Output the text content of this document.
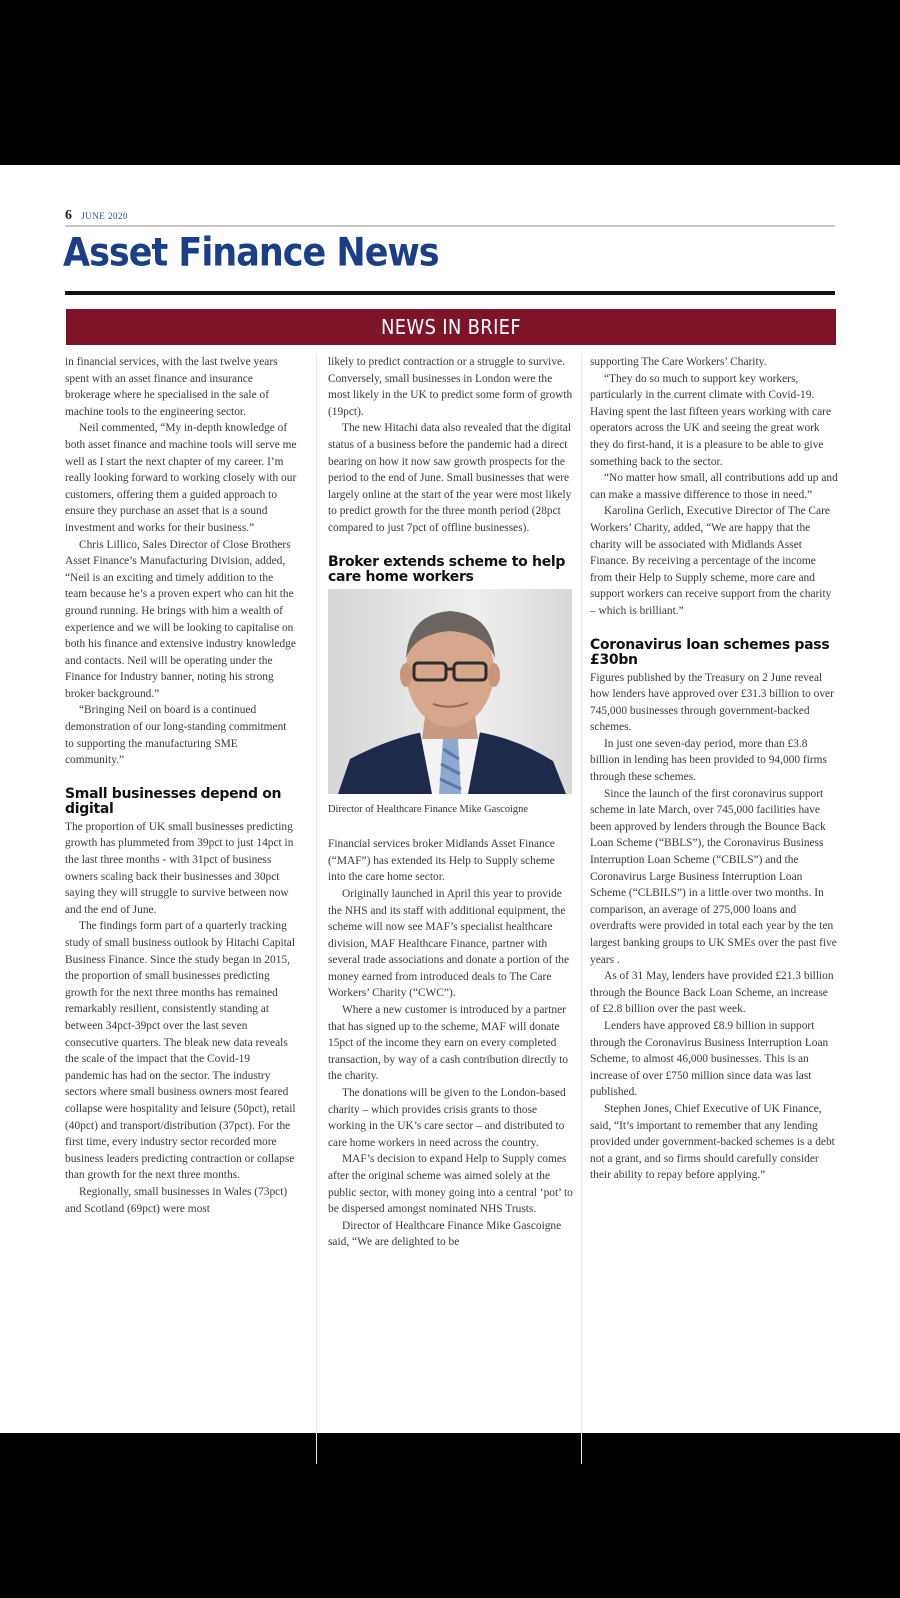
6 JUNE 2020
Asset Finance News
NEWS IN BRIEF

in financial services, with the last twelve years spent with an asset finance and insurance brokerage where he specialised in the sale of machine tools to the engineering sector.

Neil commented, “My in-depth knowledge of both asset finance and machine tools will serve me well as I start the next chapter of my career. I’m really looking forward to working closely with our customers, offering them a guided approach to ensure they purchase an asset that is a sound investment and works for their business.”

Chris Lillico, Sales Director of Close Brothers Asset Finance’s Manufacturing Division, added, “Neil is an exciting and timely addition to the team because he’s a proven expert who can hit the ground running. He brings with him a wealth of experience and we will be looking to capitalise on both his finance and extensive industry knowledge and contacts. Neil will be operating under the Finance for Industry banner, noting his strong broker background.”

“Bringing Neil on board is a continued demonstration of our long-standing commitment to supporting the manufacturing SME community.”

Small businesses depend on digital

The proportion of UK small businesses predicting growth has plummeted from 39pct to just 14pct in the last three months - with 31pct of business owners scaling back their businesses and 30pct saying they will struggle to survive between now and the end of June.

The findings form part of a quarterly tracking study of small business outlook by Hitachi Capital Business Finance. Since the study began in 2015, the proportion of small businesses predicting growth for the next three months has remained remarkably resilient, consistently standing at between 34pct-39pct over the last seven consecutive quarters. The bleak new data reveals the scale of the impact that the Covid-19 pandemic has had on the sector. The industry sectors where small business owners most feared collapse were hospitality and leisure (50pct), retail (40pct) and transport/distribution (37pct). For the first time, every industry sector recorded more business leaders predicting contraction or collapse than growth for the next three months.

Regionally, small businesses in Wales (73pct) and Scotland (69pct) were most

likely to predict contraction or a struggle to survive. Conversely, small businesses in London were the most likely in the UK to predict some form of growth (19pct).

The new Hitachi data also revealed that the digital status of a business before the pandemic had a direct bearing on how it now saw growth prospects for the period to the end of June. Small businesses that were largely online at the start of the year were most likely to predict growth for the three month period (28pct compared to just 7pct of offline businesses).

Broker extends scheme to help care home workers
Director of Healthcare Finance Mike Gascoigne

Financial services broker Midlands Asset Finance (“MAF”) has extended its Help to Supply scheme into the care home sector.

Originally launched in April this year to provide the NHS and its staff with additional equipment, the scheme will now see MAF’s specialist healthcare division, MAF Healthcare Finance, partner with several trade associations and donate a portion of the money earned from introduced deals to The Care Workers’ Charity (“CWC”).

Where a new customer is introduced by a partner that has signed up to the scheme, MAF will donate 15pct of the income they earn on every completed transaction, by way of a cash contribution directly to the charity.

The donations will be given to the London-based charity – which provides crisis grants to those working in the UK’s care sector – and distributed to care home workers in need across the country.

MAF’s decision to expand Help to Supply comes after the original scheme was aimed solely at the public sector, with money going into a central ‘pot’ to be dispersed amongst nominated NHS Trusts.

Director of Healthcare Finance Mike Gascoigne said, “We are delighted to be

supporting The Care Workers’ Charity.

“They do so much to support key workers, particularly in the current climate with Covid-19. Having spent the last fifteen years working with care operators across the UK and seeing the great work they do first-hand, it is a pleasure to be able to give something back to the sector.

“No matter how small, all contributions add up and can make a massive difference to those in need.”

Karolina Gerlich, Executive Director of The Care Workers’ Charity, added, “We are happy that the charity will be associated with Midlands Asset Finance. By receiving a percentage of the income from their Help to Supply scheme, more care and support workers can receive support from the charity – which is brilliant.”

Coronavirus loan schemes pass £30bn

Figures published by the Treasury on 2 June reveal how lenders have approved over £31.3 billion to over 745,000 businesses through government-backed schemes.

In just one seven-day period, more than £3.8 billion in lending has been provided to 94,000 firms through these schemes.

Since the launch of the first coronavirus support scheme in late March, over 745,000 facilities have been approved by lenders through the Bounce Back Loan Scheme (“BBLS”), the Coronavirus Business Interruption Loan Scheme (“CBILS”) and the Coronavirus Large Business Interruption Loan Scheme (“CLBILS”) in a little over two months. In comparison, an average of 275,000 loans and overdrafts were provided in total each year by the ten largest banking groups to UK SMEs over the past five years .

As of 31 May, lenders have provided £21.3 billion through the Bounce Back Loan Scheme, an increase of £2.8 billion over the past week.

Lenders have approved £8.9 billion in support through the Coronavirus Business Interruption Loan Scheme, to almost 46,000 businesses. This is an increase of over £750 million since data was last published.

Stephen Jones, Chief Executive of UK Finance, said, “It’s important to remember that any lending provided under government-backed schemes is a debt not a grant, and so firms should carefully consider their ability to repay before applying.”
